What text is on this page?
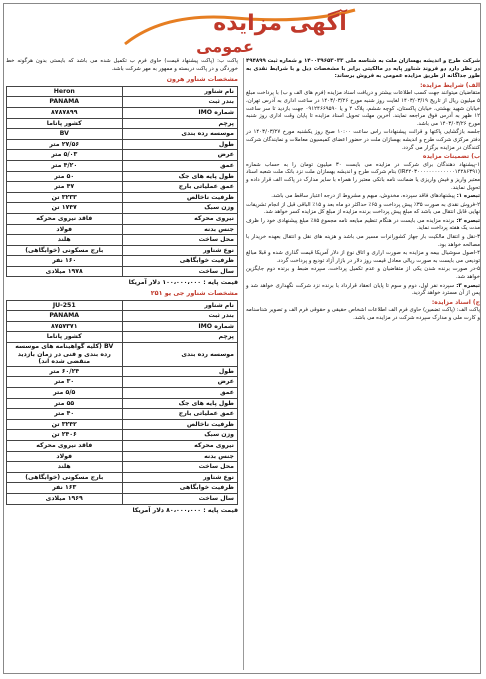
آگهی مزایده
عمومی

شرکت طرح و اندیشه بهسازان ملت به شناسه ملی ۱۴۰۰۳۹۶۵۳۰۳۳ و شماره ثبت ۴۹۴۸۹۹ در نظر دارد دو فروند شناور پایه در مالکیتی برابر با مشخصات ذیل و با شرایط نقدی به طور جداگانه از طریق مزایده عمومی به فروش برساند:

الف) شرایط مزایده:

متقاضیان میتوانند جهت کسب اطلاعات بیشتر و دریافت اسناد مزایده (فرم های الف و ب) با پرداخت مبلغ ۵ میلیون ریال از تاریخ ۱۴۰۳/۰۳/۱۹ لغایت روز شنبه مورخ ۱۴۰۳/۰۳/۲۶ در ساعت اداری به آدرس تهران، خیابان شهید بهشتی، خیابان پاکستان، کوچه ششم، پلاک ۲ و یا ۰۹۱۲۴۶۶۹۵۹۰ جهت بازدید تا سر ساعت ۱۲ ظهر به آدرس فوق مراجعه نمایند. آخرین مهلت تحویل اسناد مزایده تا پایان وقت اداری روز شنبه مورخ ۱۴۰۳/۰۳/۲۶ می باشد.

جلسه بازگشایی پاکتها و قرائت پیشنهادات راس ساعت ۱۰:۰۰ صبح روز یکشنبه مورخ ۱۴۰۳/۰۳/۲۷ در دفتر مرکزی شرکت طرح و اندیشه بهسازان ملت در حضور اعضای کمیسیون معاملات و نمایندگان شرکت کنندگان در مزایده برگزار می گردد.

ب) تضمینات مزایده

۱-پیشنهاد دهندگان برای شرکت در مزایده می بایست ۳۰ میلیون تومان را به حساب شماره (IR۴۲۰۳۰۰۰۰۰۰۰۰۰۰۰۰۰۱۴۲۸۶۳۹۱) بنام شرکت طرح و اندیشه بهسازان ملت نزد بانک ملت شعبه اسناد معتبر واریز و فیش واریزی یا ضمانت نامه بانکی معتبر را همراه با سایر مدارک در پاکت الف قرار داده و تحویل نمایند.

تبصره ۱: پیشنهادهای فاقد سپرده، مخدوش، مبهم و مشروط از درجه اعتبار ساقط می باشد.

۲-فروش نقدی به صورت ۳۵٪ پیش پرداخت و ۶۵٪ حداکثر دو ماه بعد و ۱۵٪ الباقی قبل از انجام تشریفات نهایی قابل انتقال می باشد که مبلغ پیش پرداخت برنده مزایده از مبلغ کل مزایده کسر خواهد شد.

تبصره ۲: برنده مزایده می بایست در هنگام تنظیم مبایعه نامه مجموع ۸۵٪ مبلغ پیشنهادی خود را ظرف مدت یک هفته پرداخت نماید.

۳-نقل و انتقال مالکیت بار جهاز کشورانرات مسیر می باشد و هزینه های نقل و انتقال بعهده خریدار با مصالحه خواهد بود.

۴-اصول سوشیال بیمه و مزایده به صورت اراری و اتاق نوع از دلار آمریکا قیمت گذاری شده و قبلا مبالغ تودیعی می بایست به صورت ریالی معادل قیمت روز دلار در بازار آزاد تودیع و پرداخت گردد.

۵-در صورت برنده شدن یکی از متقاضیان و عدم تکمیل پرداخت، سپرده ضبط و برنده دوم جایگزین خواهد شد.

تبصره ۳: سپرده نفر اول، دوم و سوم تا پایان انعقاد قرارداد با برنده نزد شرکت نگهداری خواهد شد و پس از آن مسترد خواهد گردید.

ج) اسناد مزایده:

پاکت الف: (پاکت تضمین) حاوی فرم الف اطلاعات اشخاص حقیقی و حقوقی فرم الف و تصویر شناسنامه و کارت ملی و مدارک سپرده شرکت در مزایده می باشد.

پاکت ب: (پاکت پیشنهاد قیمت) حاوی فرم ب تکمیل شده می باشد که بایستی بدون هرگونه خط خوردگی و در پاکت دربسته و ممهور به مهر شرکت باشد.

مشخصات شناور هرون
نام شناور	Heron
بندر ثبت	PANAMA
شماره IMO	۸۷۸۷۸۹۹
پرچم	کشور پاناما
موسسه رده بندی	BV
طول	۲۷/۵۶ متر
عرض	۵/۰۳ متر
عمق	۴/۲۰ متر
طول پایه های جک	۵۰ متر
عمق عملیاتی بارج	۴۷ متر
ظرفیت ناخالص	۳۲۳۳ تن
وزن سبک	۱۷۴۷ تن
نیروی محرکه	فاقد نیروی محرکه
جنس بدنه	فولاد
محل ساخت	هلند
نوع شناور	بارج مسکونی (خوابگاهی)
ظرفیت خوابگاهی	۱۶۰ نفر
سال ساخت	۱۹۷۸ میلادی
قیمت پایه : ۱۰۰،۰۰۰،۰۰۰ دلار آمریکا
مشخصات شناور جی یو ۲۵۱
نام شناور	JU-251
بندر ثبت	PANAMA
شماره IMO	۸۷۵۷۳۷۱
پرچم	کشور پاناما
موسسه رده بندی	BV (کلیه گواهینامه های موسسه رده بندی و فنی در زمان بازدید منقضی شده اند)
طول	۶۰/۲۴ متر
عرض	۳۰ متر
عمق	۵/۵ متر
طول پایه های جک	۵۵ متر
عمق عملیاتی بارج	۴۰ متر
ظرفیت ناخالص	۳۲۴۲ تن
وزن سبک	۲۴۰۶ تن
نیروی محرکه	فاقد نیروی محرکه
جنس بدنه	فولاد
محل ساخت	هلند
نوع شناور	بارج مسکونی (خوابگاهی)
ظرفیت خوابگاهی	۱۶۳ نفر
سال ساخت	۱۹۶۹ میلادی
قیمت پایه : ۸۰،۰۰۰،۰۰۰ دلار آمریکا
